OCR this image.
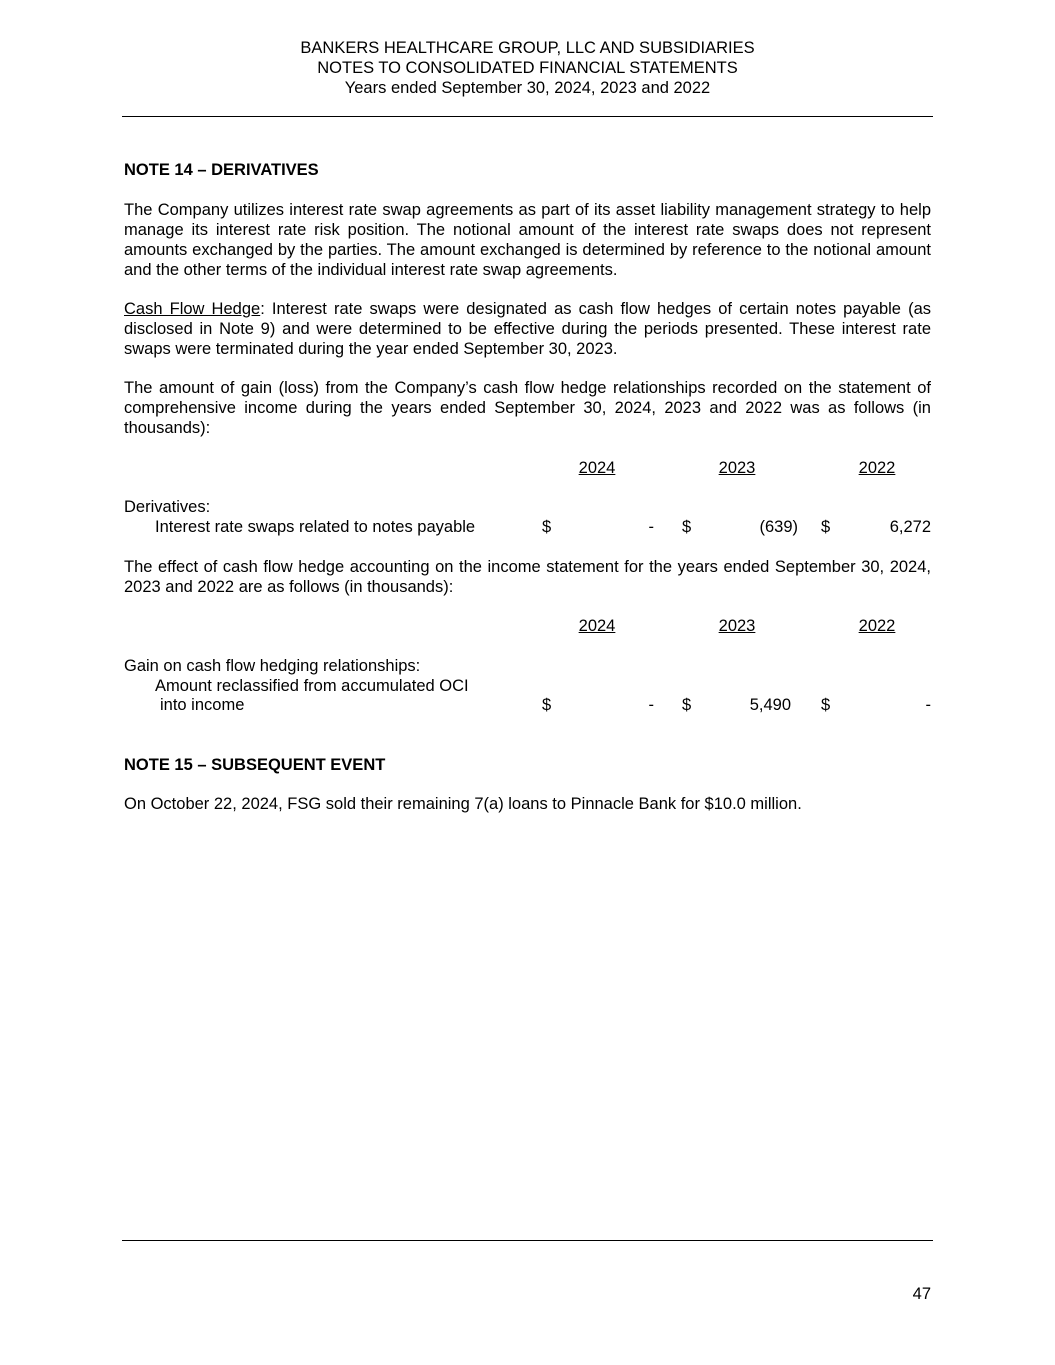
BANKERS HEALTHCARE GROUP, LLC AND SUBSIDIARIES
NOTES TO CONSOLIDATED FINANCIAL STATEMENTS
Years ended September 30, 2024, 2023 and 2022
NOTE 14 – DERIVATIVES

The Company utilizes interest rate swap agreements as part of its asset liability management strategy to help manage its interest rate risk position. The notional amount of the interest rate swaps does not represent amounts exchanged by the parties. The amount exchanged is determined by reference to the notional amount and the other terms of the individual interest rate swap agreements.

Cash Flow Hedge: Interest rate swaps were designated as cash flow hedges of certain notes payable (as disclosed in Note 9) and were determined to be effective during the periods presented. These interest rate swaps were terminated during the year ended September 30, 2023.

The amount of gain (loss) from the Company’s cash flow hedge relationships recorded on the statement of comprehensive income during the years ended September 30, 2024, 2023 and 2022 was as follows (in thousands):

2024	2023	2022
Derivatives:
Interest rate swaps related to notes payable	$	- $	(639) $	6,272

The effect of cash flow hedge accounting on the income statement for the years ended September 30, 2024, 2023 and 2022 are as follows (in thousands):

2024	2023	2022
Gain on cash flow hedging relationships:
Amount reclassified from accumulated OCI
into income	$	- $	5,490 $	-
NOTE 15 – SUBSEQUENT EVENT

On October 22, 2024, FSG sold their remaining 7(a) loans to Pinnacle Bank for $10.0 million.

47
